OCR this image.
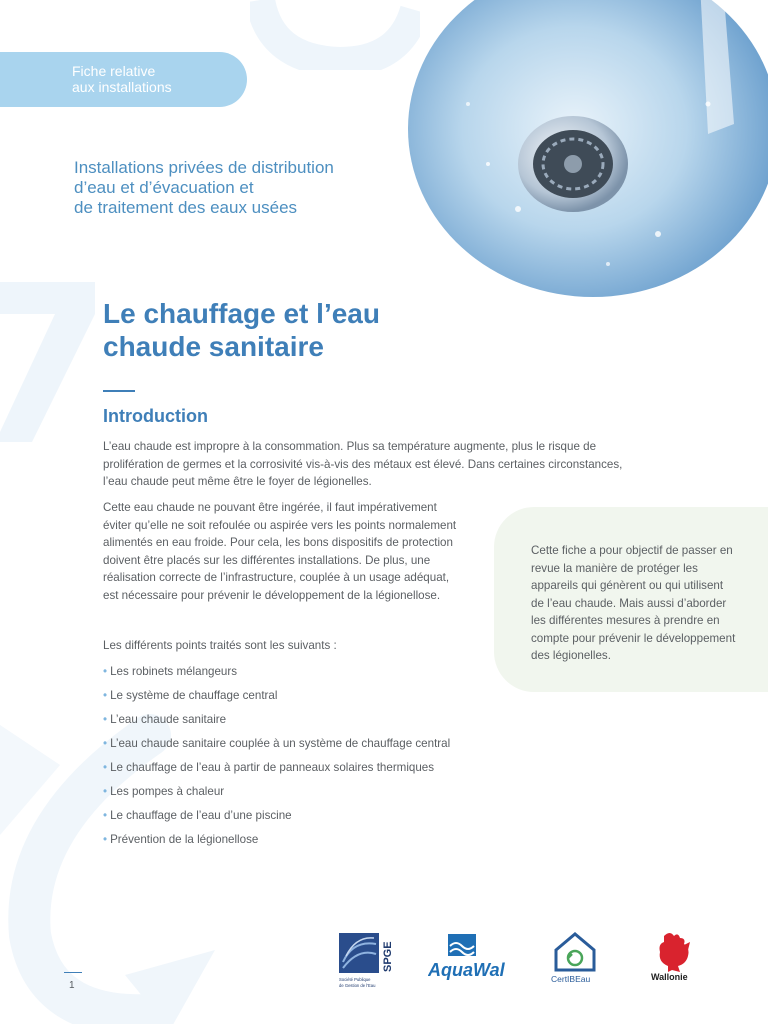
Fiche relative
aux installations
Installations privées de distribution
d’eau et d’évacuation et
de traitement des eaux usées
Le chauffage et l’eau
chaude sanitaire
Introduction
L’eau chaude est impropre à la consommation. Plus sa température augmente, plus le risque de prolifération de germes et la corrosivité vis-à-vis des métaux est élevé. Dans certaines circonstances, l’eau chaude peut même être le foyer de légionelles.
Cette eau chaude ne pouvant être ingérée, il faut impérativement éviter qu’elle ne soit refoulée ou aspirée vers les points normalement alimentés en eau froide. Pour cela, les bons dispositifs de protection doivent être placés sur les différentes installations. De plus, une réalisation correcte de l’infrastructure, couplée à un usage adéquat, est nécessaire pour prévenir le développement de la légionellose.
Les différents points traités sont les suivants :
• Les robinets mélangeurs
• Le système de chauffage central
• L’eau chaude sanitaire
• L’eau chaude sanitaire couplée à un système de chauffage central
• Le chauffage de l’eau à partir de panneaux solaires thermiques
• Les pompes à chaleur
• Le chauffage de l’eau d’une piscine
• Prévention de la légionellose
Cette fiche a pour objectif de passer en revue la manière de protéger les appareils qui génèrent ou qui utilisent de l’eau chaude. Mais aussi d’aborder les différentes mesures à prendre en compte pour prévenir le développement des légionelles.
1
SPGE
Société Publique
de Gestion de l'Eau
AquaWal	CertIBEau	Wallonie
